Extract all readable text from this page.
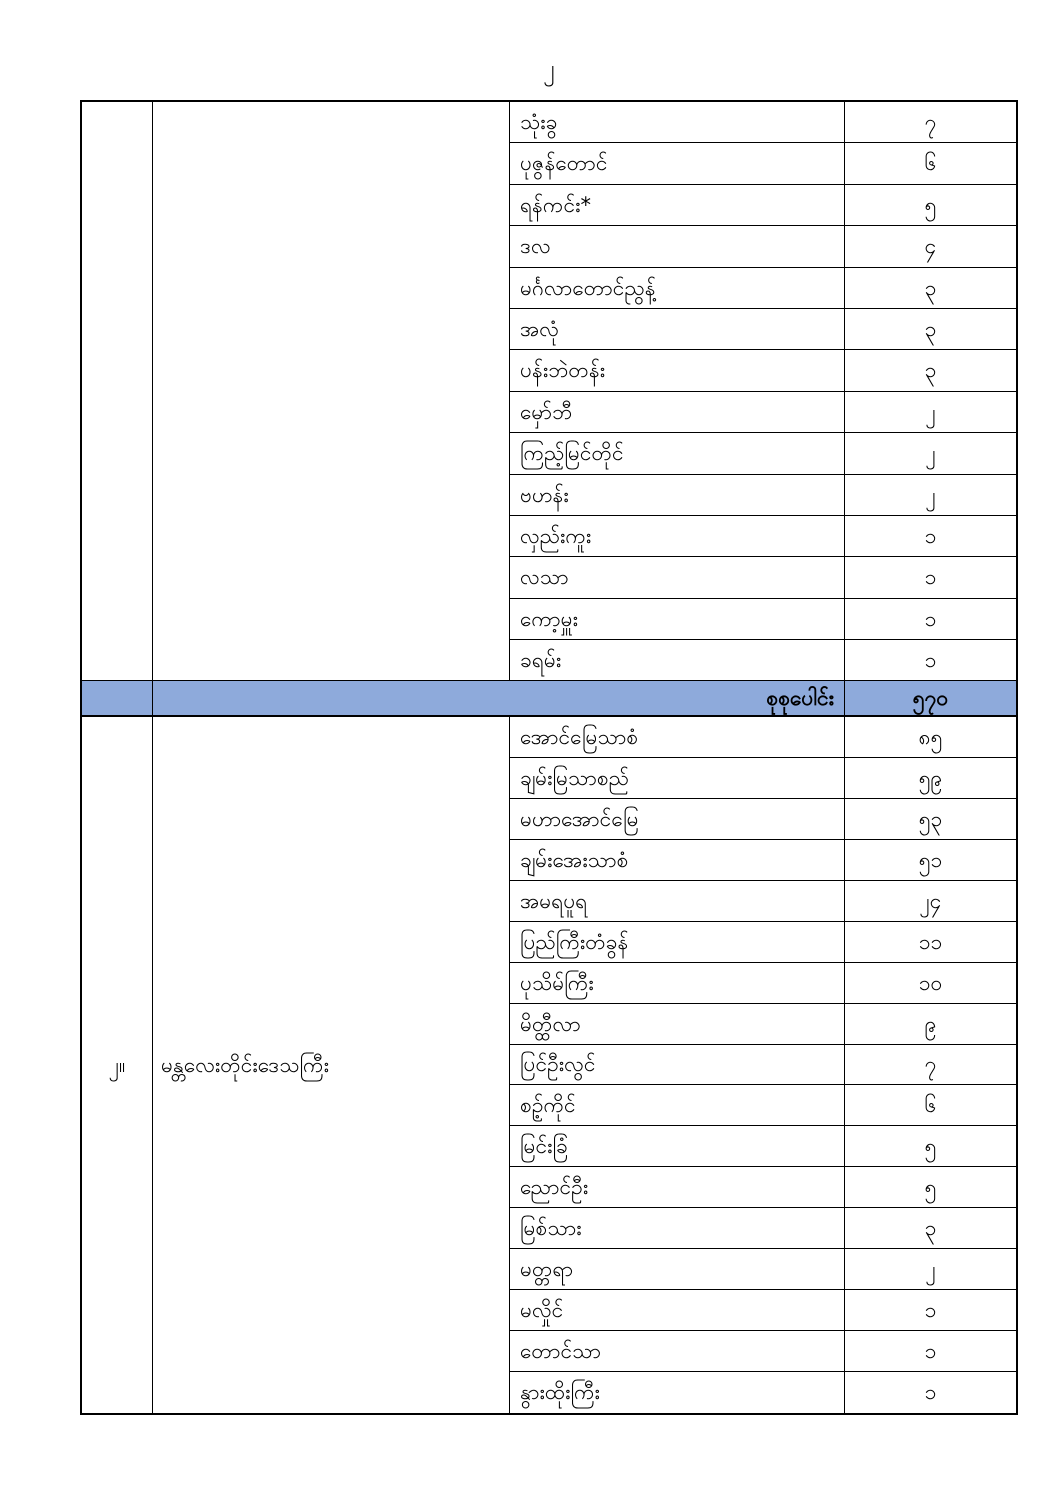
၂
သုံးခွ	၇
ပုဇွန်တောင်	၆
ရန်ကင်း*	၅
ဒလ	၄
မင်္ဂလာတောင်ညွန့်	၃
အလုံ	၃
ပန်းဘဲတန်း	၃
မှော်ဘီ	၂
ကြည့်မြင်တိုင်	၂
ဗဟန်း	၂
လှည်းကူး	၁
လသာ	၁
ကော့မှူး	၁
ခရမ်း	၁
စုစုပေါင်း	၅၇၀
၂။	မန္တလေးတိုင်းဒေသကြီး
အောင်မြေသာစံ	၈၅
ချမ်းမြသာစည်	၅၉
မဟာအောင်မြေ	၅၃
ချမ်းအေးသာစံ	၅၁
အမရပူရ	၂၄
ပြည်ကြီးတံခွန်	၁၁
ပုသိမ်ကြီး	၁၀
မိတ္ထီလာ	၉
ပြင်ဦးလွင်	၇
စဉ့်ကိုင်	၆
မြင်းခြံ	၅
ညောင်ဦး	၅
မြစ်သား	၃
မတ္တရာ	၂
မလှိုင်	၁
တောင်သာ	၁
နွားထိုးကြီး	၁
